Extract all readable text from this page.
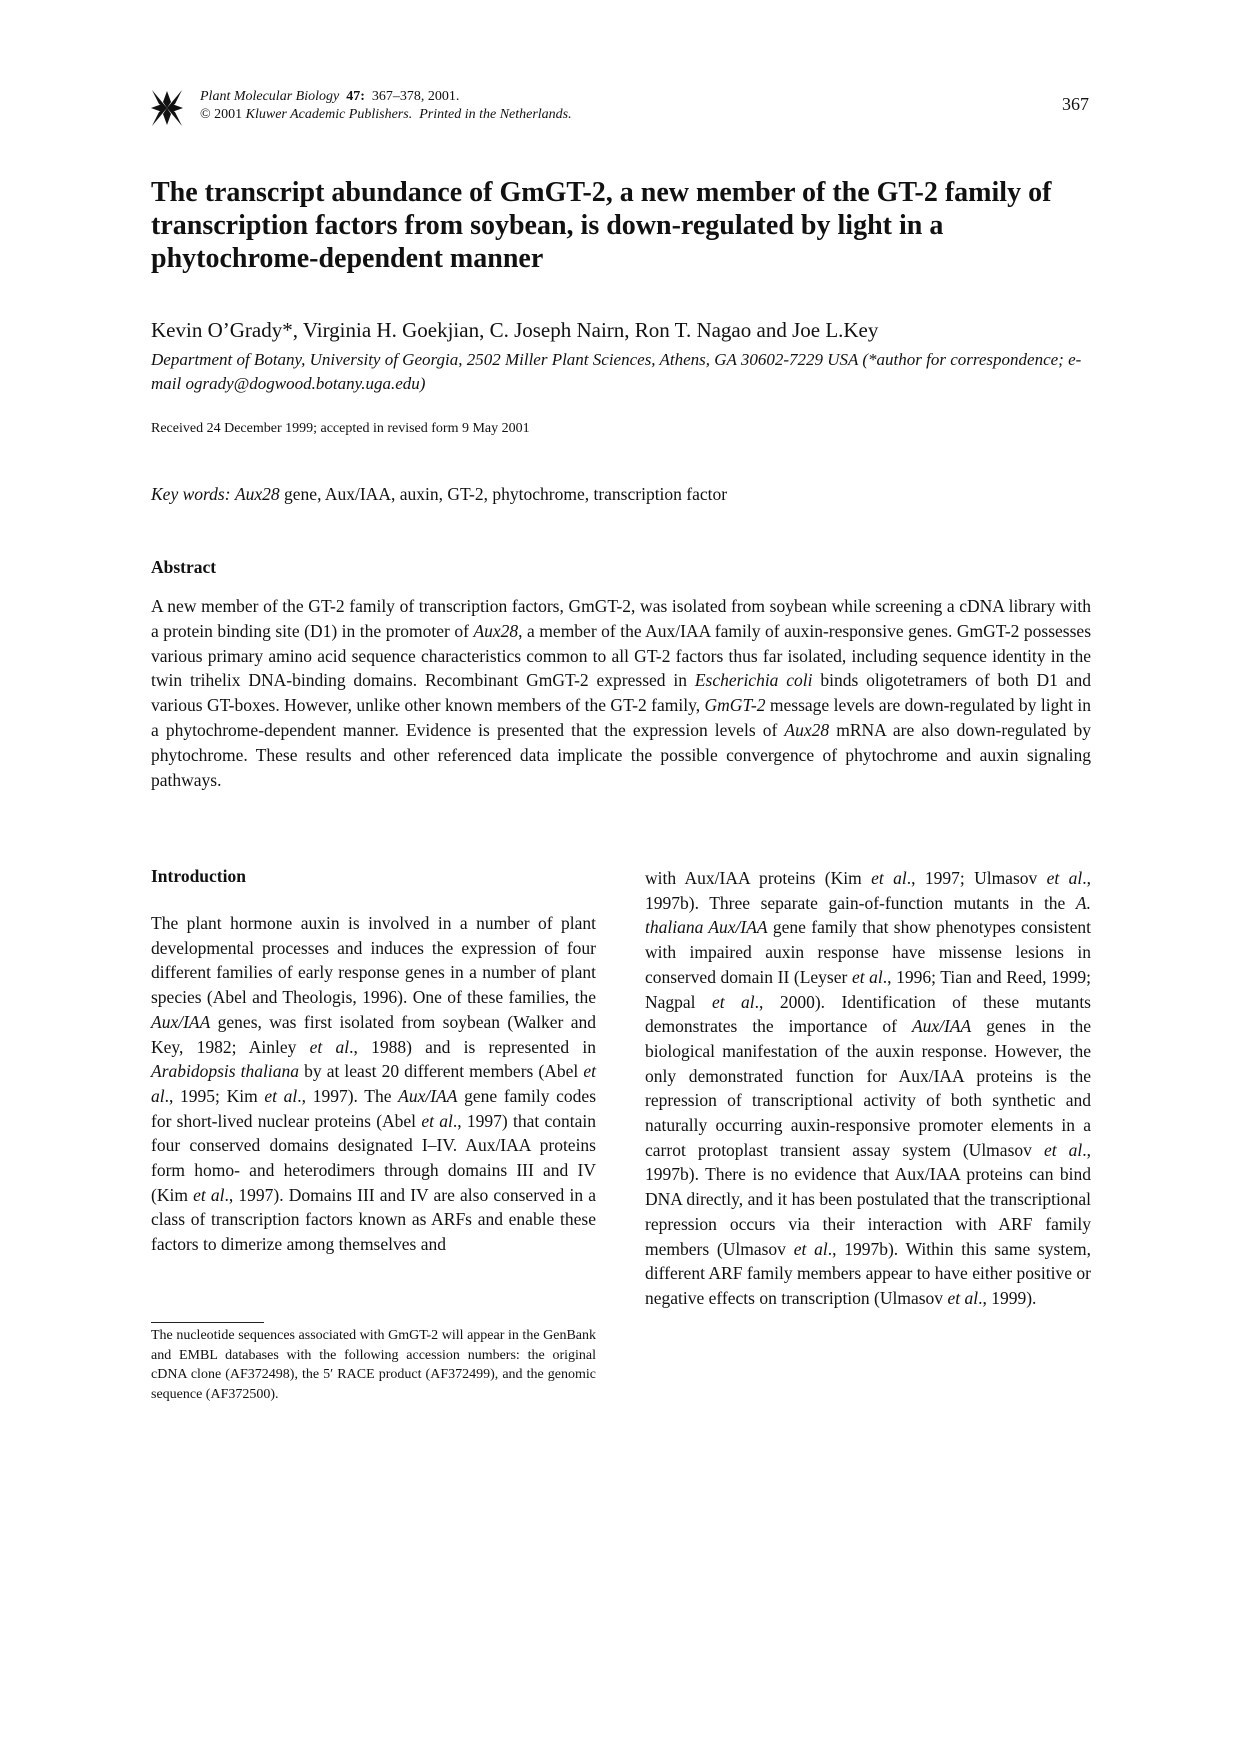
Plant Molecular Biology 47: 367–378, 2001.
© 2001 Kluwer Academic Publishers. Printed in the Netherlands.
367
The transcript abundance of GmGT-2, a new member of the GT-2 family of transcription factors from soybean, is down-regulated by light in a phytochrome-dependent manner
Kevin O’Grady*, Virginia H. Goekjian, C. Joseph Nairn, Ron T. Nagao and Joe L.Key
Department of Botany, University of Georgia, 2502 Miller Plant Sciences, Athens, GA 30602-7229 USA (*author for correspondence; e-mail ogrady@dogwood.botany.uga.edu)
Received 24 December 1999; accepted in revised form 9 May 2001
Key words: Aux28 gene, Aux/IAA, auxin, GT-2, phytochrome, transcription factor
Abstract
A new member of the GT-2 family of transcription factors, GmGT-2, was isolated from soybean while screening a cDNA library with a protein binding site (D1) in the promoter of Aux28, a member of the Aux/IAA family of auxin-responsive genes. GmGT-2 possesses various primary amino acid sequence characteristics common to all GT-2 factors thus far isolated, including sequence identity in the twin trihelix DNA-binding domains. Recombinant GmGT-2 expressed in Escherichia coli binds oligotetramers of both D1 and various GT-boxes. However, unlike other known members of the GT-2 family, GmGT-2 message levels are down-regulated by light in a phytochrome-dependent manner. Evidence is presented that the expression levels of Aux28 mRNA are also down-regulated by phytochrome. These results and other referenced data implicate the possible convergence of phytochrome and auxin signaling pathways.
Introduction
The plant hormone auxin is involved in a number of plant developmental processes and induces the expression of four different families of early response genes in a number of plant species (Abel and Theologis, 1996). One of these families, the Aux/IAA genes, was first isolated from soybean (Walker and Key, 1982; Ainley et al., 1988) and is represented in Arabidopsis thaliana by at least 20 different members (Abel et al., 1995; Kim et al., 1997). The Aux/IAA gene family codes for short-lived nuclear proteins (Abel et al., 1997) that contain four conserved domains designated I–IV. Aux/IAA proteins form homo- and heterodimers through domains III and IV (Kim et al., 1997). Domains III and IV are also conserved in a class of transcription factors known as ARFs and enable these factors to dimerize among themselves and
with Aux/IAA proteins (Kim et al., 1997; Ulmasov et al., 1997b). Three separate gain-of-function mutants in the A. thaliana Aux/IAA gene family that show phenotypes consistent with impaired auxin response have missense lesions in conserved domain II (Leyser et al., 1996; Tian and Reed, 1999; Nagpal et al., 2000). Identification of these mutants demonstrates the importance of Aux/IAA genes in the biological manifestation of the auxin response. However, the only demonstrated function for Aux/IAA proteins is the repression of transcriptional activity of both synthetic and naturally occurring auxin-responsive promoter elements in a carrot protoplast transient assay system (Ulmasov et al., 1997b). There is no evidence that Aux/IAA proteins can bind DNA directly, and it has been postulated that the transcriptional repression occurs via their interaction with ARF family members (Ulmasov et al., 1997b). Within this same system, different ARF family members appear to have either positive or negative effects on transcription (Ulmasov et al., 1999).
The nucleotide sequences associated with GmGT-2 will appear in the GenBank and EMBL databases with the following accession numbers: the original cDNA clone (AF372498), the 5′ RACE product (AF372499), and the genomic sequence (AF372500).
